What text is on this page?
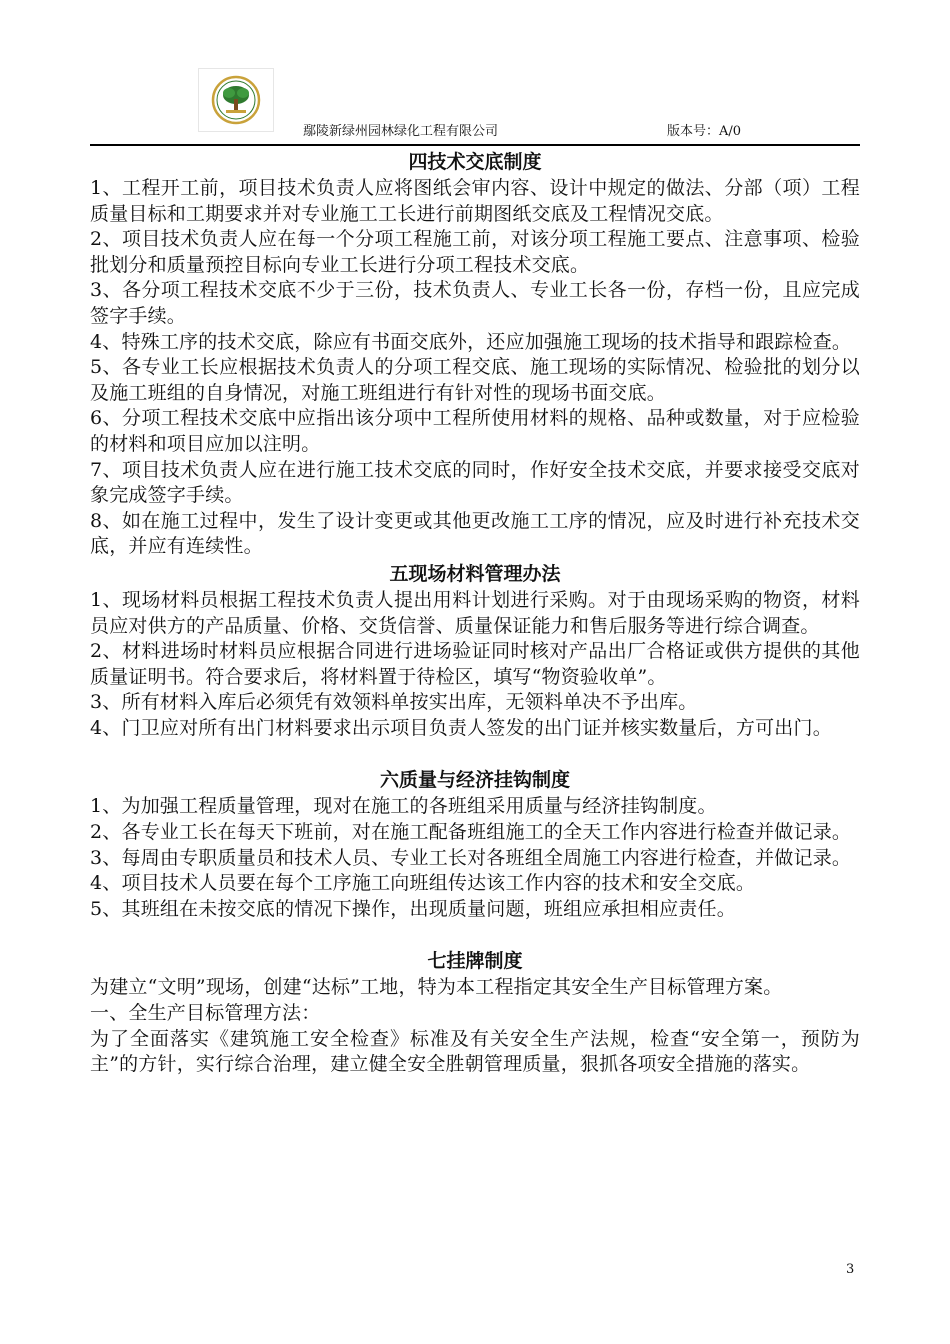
鄢陵新绿州园林绿化工程有限公司	版本号：A/0
四技术交底制度
1、工程开工前，项目技术负责人应将图纸会审内容、设计中规定的做法、分部（项）工程质量目标和工期要求并对专业施工工长进行前期图纸交底及工程情况交底。
2、项目技术负责人应在每一个分项工程施工前，对该分项工程施工要点、注意事项、检验批划分和质量预控目标向专业工长进行分项工程技术交底。
3、各分项工程技术交底不少于三份，技术负责人、专业工长各一份，存档一份，且应完成签字手续。
4、特殊工序的技术交底，除应有书面交底外，还应加强施工现场的技术指导和跟踪检查。
5、各专业工长应根据技术负责人的分项工程交底、施工现场的实际情况、检验批的划分以及施工班组的自身情况，对施工班组进行有针对性的现场书面交底。
6、分项工程技术交底中应指出该分项中工程所使用材料的规格、品种或数量，对于应检验的材料和项目应加以注明。
7、项目技术负责人应在进行施工技术交底的同时，作好安全技术交底，并要求接受交底对象完成签字手续。
8、如在施工过程中，发生了设计变更或其他更改施工工序的情况，应及时进行补充技术交底，并应有连续性。
五现场材料管理办法
1、现场材料员根据工程技术负责人提出用料计划进行采购。对于由现场采购的物资，材料员应对供方的产品质量、价格、交货信誉、质量保证能力和售后服务等进行综合调查。
2、材料进场时材料员应根据合同进行进场验证同时核对产品出厂合格证或供方提供的其他质量证明书。符合要求后，将材料置于待检区，填写“物资验收单”。
3、所有材料入库后必须凭有效领料单按实出库，无领料单决不予出库。
4、门卫应对所有出门材料要求出示项目负责人签发的出门证并核实数量后，方可出门。
六质量与经济挂钩制度
1、为加强工程质量管理，现对在施工的各班组采用质量与经济挂钩制度。
2、各专业工长在每天下班前，对在施工配备班组施工的全天工作内容进行检查并做记录。
3、每周由专职质量员和技术人员、专业工长对各班组全周施工内容进行检查，并做记录。
4、项目技术人员要在每个工序施工向班组传达该工作内容的技术和安全交底。
5、其班组在未按交底的情况下操作，出现质量问题，班组应承担相应责任。
七挂牌制度
为建立“文明”现场，创建“达标”工地，特为本工程指定其安全生产目标管理方案。
一、全生产目标管理方法：
为了全面落实《建筑施工安全检查》标准及有关安全生产法规，检查“安全第一，预防为主”的方针，实行综合治理，建立健全安全胜朝管理质量，狠抓各项安全措施的落实。
3
